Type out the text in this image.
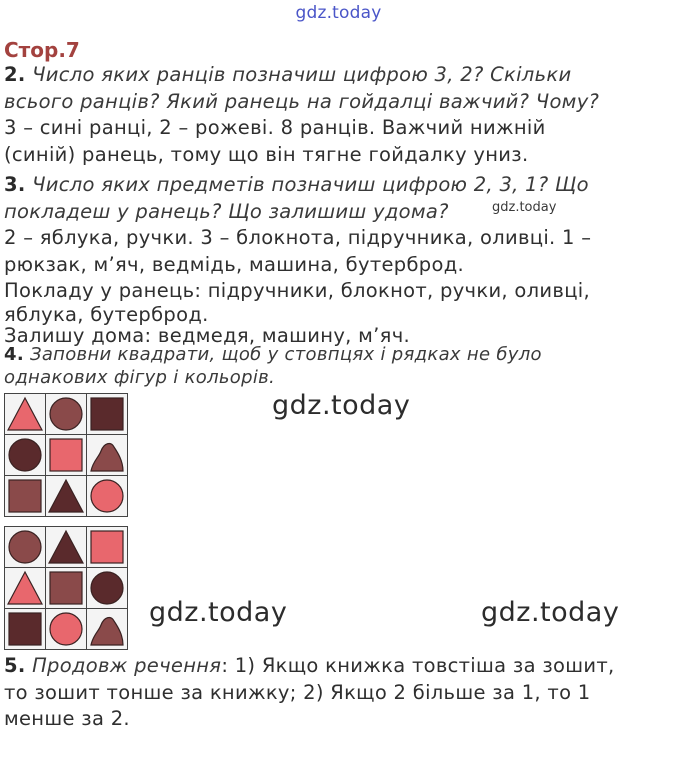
gdz.today
Стор.7
2. Число яких ранців позначиш цифрою 3, 2? Скільки
всього ранців? Який ранець на гойдалці важчий? Чому?
3 – сині ранці, 2 – рожеві. 8 ранців. Важчий нижній
(синій) ранець, тому що він тягне гойдалку униз.
3. Число яких предметів позначиш цифрою 2, 3, 1? Що
покладеш у ранець? Що залишиш удома?
2 – яблука, ручки. 3 – блокнота, підручника, оливці. 1 –
рюкзак, м’яч, ведмідь, машина, бутерброд.
Покладу у ранець: підручники, блокнот, ручки, оливці,
яблука, бутерброд.
Залишу дома: ведмедя, машину, м’яч.
gdz.today
4. Заповни квадрати, щоб у стовпцях і рядках не було
однакових фігур і кольорів.
gdz.today
gdz.today	gdz.today
5. Продовж речення: 1) Якщо книжка товстіша за зошит,
то зошит тонше за книжку; 2) Якщо 2 більше за 1, то 1
менше за 2.
